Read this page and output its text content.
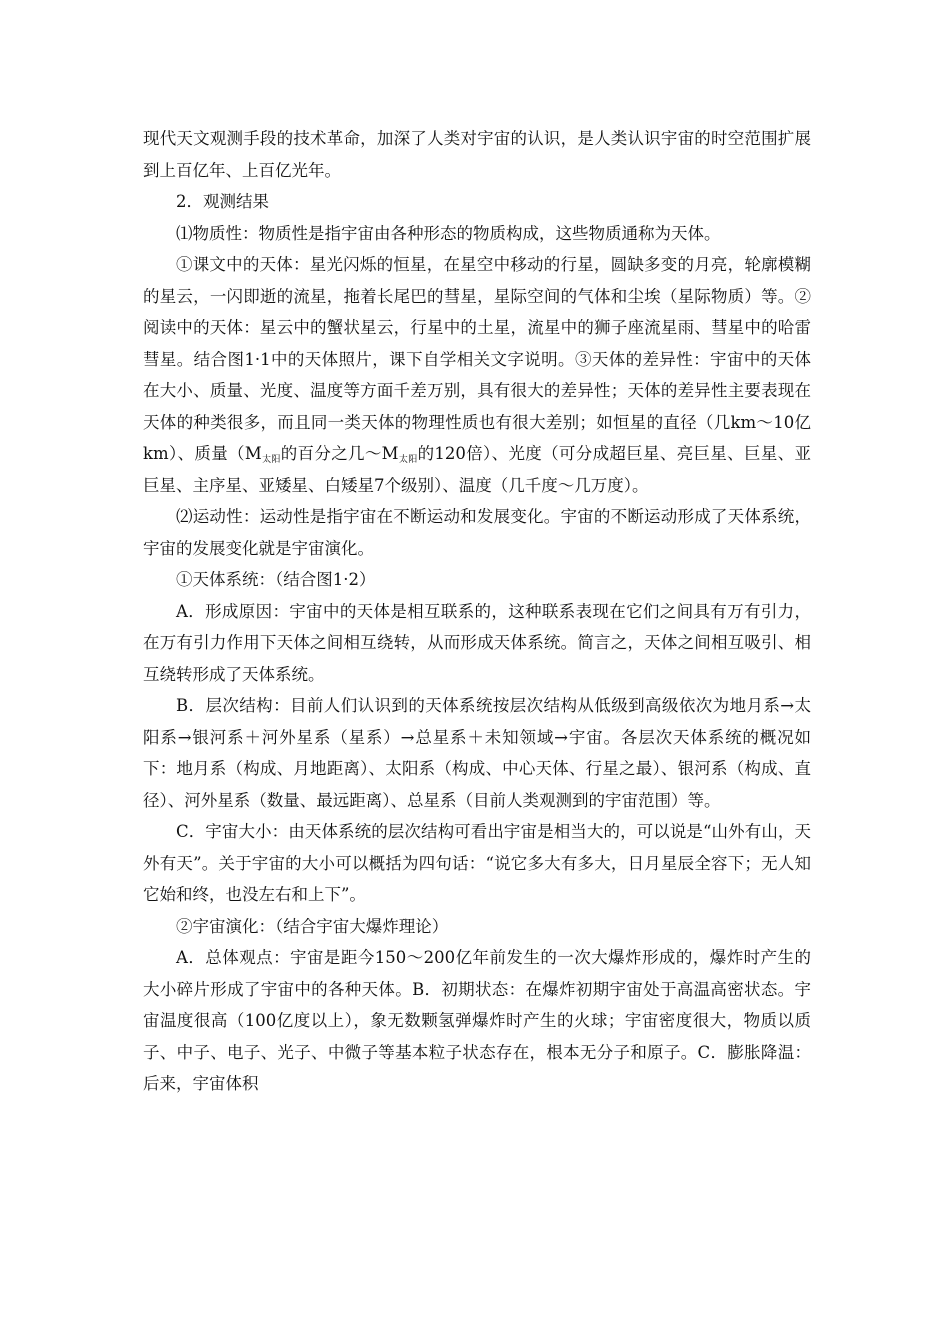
现代天文观测手段的技术革命，加深了人类对宇宙的认识，是人类认识宇宙的时空范围扩展到上百亿年、上百亿光年。

2．观测结果

⑴物质性：物质性是指宇宙由各种形态的物质构成，这些物质通称为天体。

①课文中的天体：星光闪烁的恒星，在星空中移动的行星，圆缺多变的月亮，轮廓模糊的星云，一闪即逝的流星，拖着长尾巴的彗星，星际空间的气体和尘埃（星际物质）等。②阅读中的天体：星云中的蟹状星云，行星中的土星，流星中的狮子座流星雨、彗星中的哈雷彗星。结合图1·1中的天体照片，课下自学相关文字说明。③天体的差异性：宇宙中的天体在大小、质量、光度、温度等方面千差万别，具有很大的差异性；天体的差异性主要表现在天体的种类很多，而且同一类天体的物理性质也有很大差别；如恒星的直径（几km～10亿km）、质量（M太阳的百分之几～M太阳的120倍）、光度（可分成超巨星、亮巨星、巨星、亚巨星、主序星、亚矮星、白矮星7个级别）、温度（几千度～几万度）。

⑵运动性：运动性是指宇宙在不断运动和发展变化。宇宙的不断运动形成了天体系统，宇宙的发展变化就是宇宙演化。

①天体系统：（结合图1·2）

A．形成原因：宇宙中的天体是相互联系的，这种联系表现在它们之间具有万有引力，在万有引力作用下天体之间相互绕转，从而形成天体系统。简言之，天体之间相互吸引、相互绕转形成了天体系统。

B．层次结构：目前人们认识到的天体系统按层次结构从低级到高级依次为地月系→太阳系→银河系＋河外星系（星系）→总星系＋未知领域→宇宙。各层次天体系统的概况如下：地月系（构成、月地距离）、太阳系（构成、中心天体、行星之最）、银河系（构成、直径）、河外星系（数量、最远距离）、总星系（目前人类观测到的宇宙范围）等。

C．宇宙大小：由天体系统的层次结构可看出宇宙是相当大的，可以说是“山外有山，天外有天”。关于宇宙的大小可以概括为四句话：“说它多大有多大，日月星辰全容下；无人知它始和终，也没左右和上下”。

②宇宙演化：（结合宇宙大爆炸理论）

A．总体观点：宇宙是距今150～200亿年前发生的一次大爆炸形成的，爆炸时产生的大小碎片形成了宇宙中的各种天体。B．初期状态：在爆炸初期宇宙处于高温高密状态。宇宙温度很高（100亿度以上），象无数颗氢弹爆炸时产生的火球；宇宙密度很大，物质以质子、中子、电子、光子、中微子等基本粒子状态存在，根本无分子和原子。C．膨胀降温：后来，宇宙体积
